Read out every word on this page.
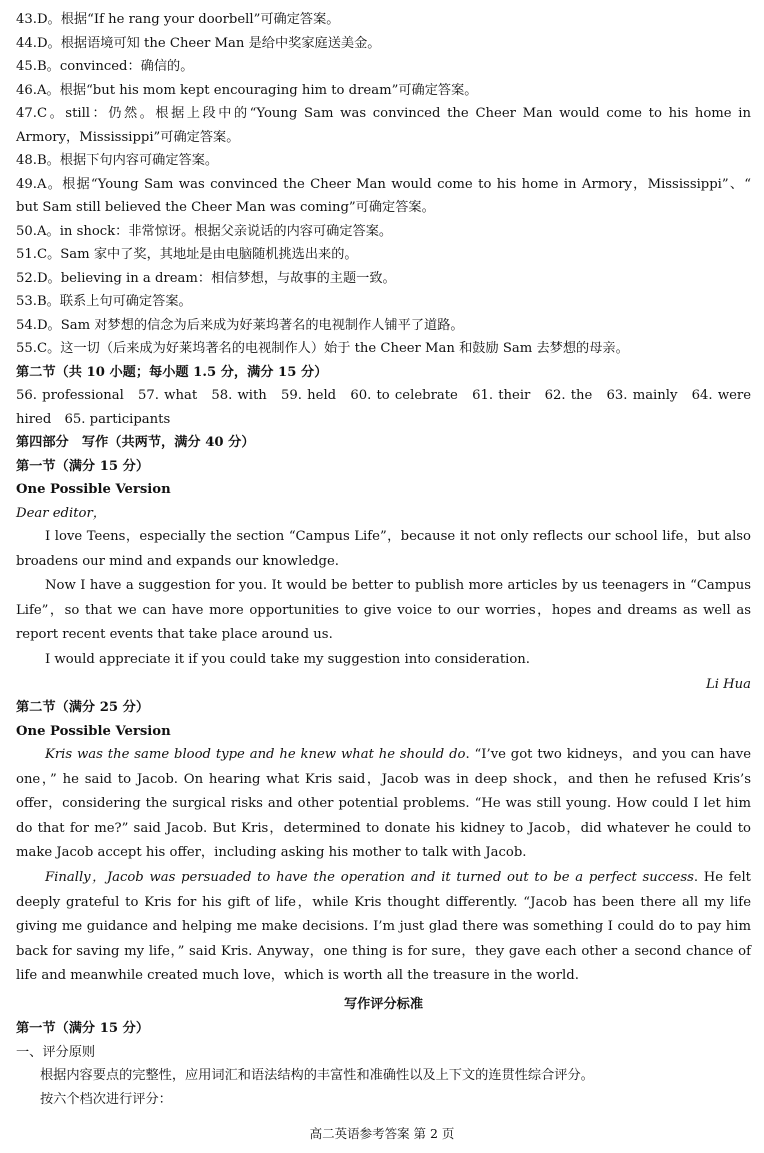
43.D。根据“If he rang your doorbell”可确定答案。
44.D。根据语境可知 the Cheer Man 是给中奖家庭送美金。
45.B。convinced：确信的。
46.A。根据“but his mom kept encouraging him to dream”可确定答案。
47.C。still：仍然。根据上段中的“Young Sam was convinced the Cheer Man would come to his home in Armory，Mississippi”可确定答案。
48.B。根据下句内容可确定答案。
49.A。根据“Young Sam was convinced the Cheer Man would come to his home in Armory，Mississippi”、“ but Sam still believed the Cheer Man was coming”可确定答案。
50.A。in shock：非常惊讶。根据父亲说话的内容可确定答案。
51.C。Sam 家中了奖，其地址是由电脑随机挑选出来的。
52.D。believing in a dream：相信梦想，与故事的主题一致。
53.B。联系上句可确定答案。
54.D。Sam 对梦想的信念为后来成为好莱坞著名的电视制作人铺平了道路。
55.C。这一切（后来成为好莱坞著名的电视制作人）始于 the Cheer Man 和鼓励 Sam 去梦想的母亲。
第二节（共 10 小题；每小题 1.5 分，满分 15 分）
56. professional 57. what 58. with 59. held 60. to celebrate 61. their 62. the 63. mainly 64. were hired 65. participants
第四部分　写作（共两节，满分 40 分）
第一节（满分 15 分）
One Possible Version
Dear editor，
I love Teens，especially the section “Campus Life”，because it not only reflects our school life，but also broadens our mind and expands our knowledge.
Now I have a suggestion for you. It would be better to publish more articles by us teenagers in “Campus Life”，so that we can have more opportunities to give voice to our worries，hopes and dreams as well as report recent events that take place around us.
I would appreciate it if you could take my suggestion into consideration.
Li Hua
第二节（满分 25 分）
One Possible Version
Kris was the same blood type and he knew what he should do. “I’ve got two kidneys，and you can have one，” he said to Jacob. On hearing what Kris said，Jacob was in deep shock，and then he refused Kris’s offer，considering the surgical risks and other potential problems. “He was still young. How could I let him do that for me?” said Jacob. But Kris，determined to donate his kidney to Jacob，did whatever he could to make Jacob accept his offer，including asking his mother to talk with Jacob.
Finally，Jacob was persuaded to have the operation and it turned out to be a perfect success. He felt deeply grateful to Kris for his gift of life，while Kris thought differently. “Jacob has been there all my life giving me guidance and helping me make decisions. I’m just glad there was something I could do to pay him back for saving my life，” said Kris. Anyway，one thing is for sure，they gave each other a second chance of life and meanwhile created much love，which is worth all the treasure in the world.
写作评分标准
第一节（满分 15 分）
一、评分原则
根据内容要点的完整性，应用词汇和语法结构的丰富性和准确性以及上下文的连贯性综合评分。
按六个档次进行评分：
高二英语参考答案 第 2 页
